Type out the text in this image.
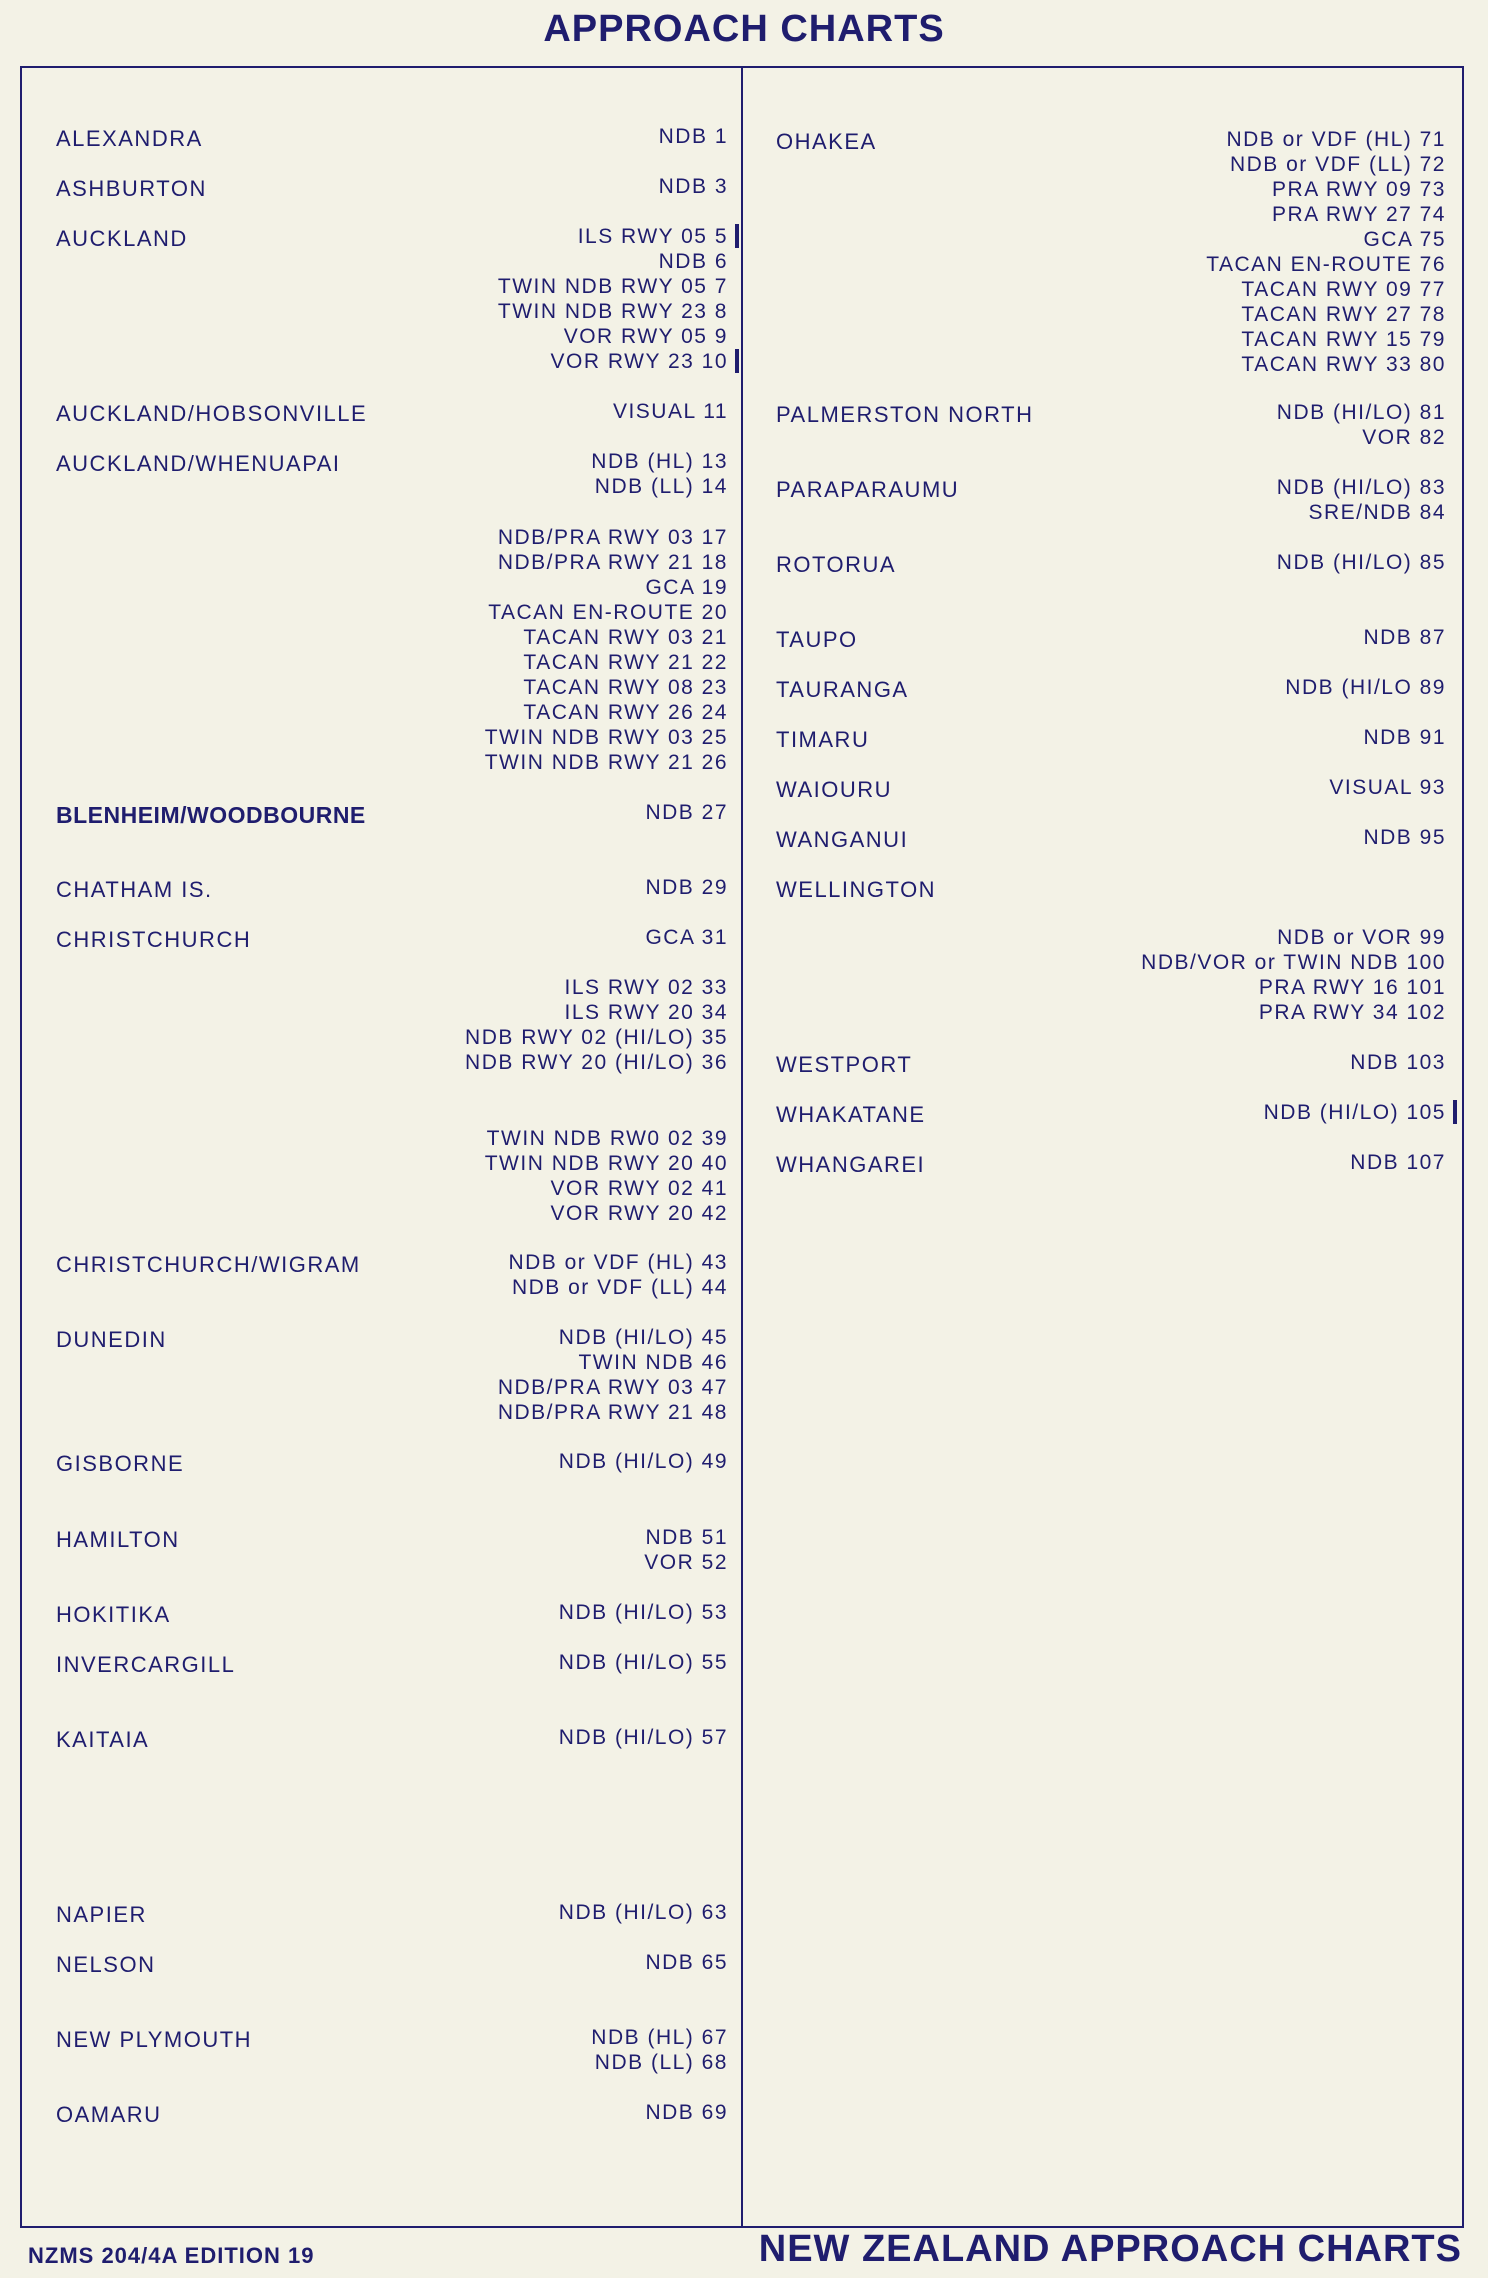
APPROACH CHARTS
ALEXANDRA	NDB 1
ASHBURTON	NDB 3
AUCKLAND	ILS RWY 05 5
NDB 6
TWIN NDB RWY 05 7
TWIN NDB RWY 23 8
VOR RWY 05 9
VOR RWY 23 10
AUCKLAND/HOBSONVILLE	VISUAL 11
AUCKLAND/WHENUAPAI	NDB (HL) 13
NDB (LL) 14
NDB/PRA RWY 03 17
NDB/PRA RWY 21 18
GCA 19
TACAN EN-ROUTE 20
TACAN RWY 03 21
TACAN RWY 21 22
TACAN RWY 08 23
TACAN RWY 26 24
TWIN NDB RWY 03 25
TWIN NDB RWY 21 26
BLENHEIM/WOODBOURNE	NDB 27
CHATHAM IS.	NDB 29
CHRISTCHURCH	GCA 31
ILS RWY 02 33
ILS RWY 20 34
NDB RWY 02 (HI/LO) 35
NDB RWY 20 (HI/LO) 36
TWIN NDB RW0 02 39
TWIN NDB RWY 20 40
VOR RWY 02 41
VOR RWY 20 42
CHRISTCHURCH/WIGRAM	NDB or VDF (HL) 43
NDB or VDF (LL) 44
DUNEDIN	NDB (HI/LO) 45
TWIN NDB 46
NDB/PRA RWY 03 47
NDB/PRA RWY 21 48
GISBORNE	NDB (HI/LO) 49
HAMILTON	NDB 51
VOR 52
HOKITIKA	NDB (HI/LO) 53
INVERCARGILL	NDB (HI/LO) 55
KAITAIA	NDB (HI/LO) 57
NAPIER	NDB (HI/LO) 63
NELSON	NDB 65
NEW PLYMOUTH	NDB (HL) 67
NDB (LL) 68
OAMARU	NDB 69
OHAKEA	NDB or VDF (HL) 71
NDB or VDF (LL) 72
PRA RWY 09 73
PRA RWY 27 74
GCA 75
TACAN EN-ROUTE 76
TACAN RWY 09 77
TACAN RWY 27 78
TACAN RWY 15 79
TACAN RWY 33 80
PALMERSTON NORTH	NDB (HI/LO) 81
VOR 82
PARAPARAUMU	NDB (HI/LO) 83
SRE/NDB 84
ROTORUA	NDB (HI/LO) 85
TAUPO	NDB 87
TAURANGA	NDB (HI/LO 89
TIMARU	NDB 91
WAIOURU	VISUAL 93
WANGANUI	NDB 95
WELLINGTON
NDB or VOR 99
NDB/VOR or TWIN NDB 100
PRA RWY 16 101
PRA RWY 34 102
WESTPORT	NDB 103
WHAKATANE	NDB (HI/LO) 105
WHANGAREI	NDB 107
NZMS 204/4A EDITION 19	NEW ZEALAND APPROACH CHARTS
